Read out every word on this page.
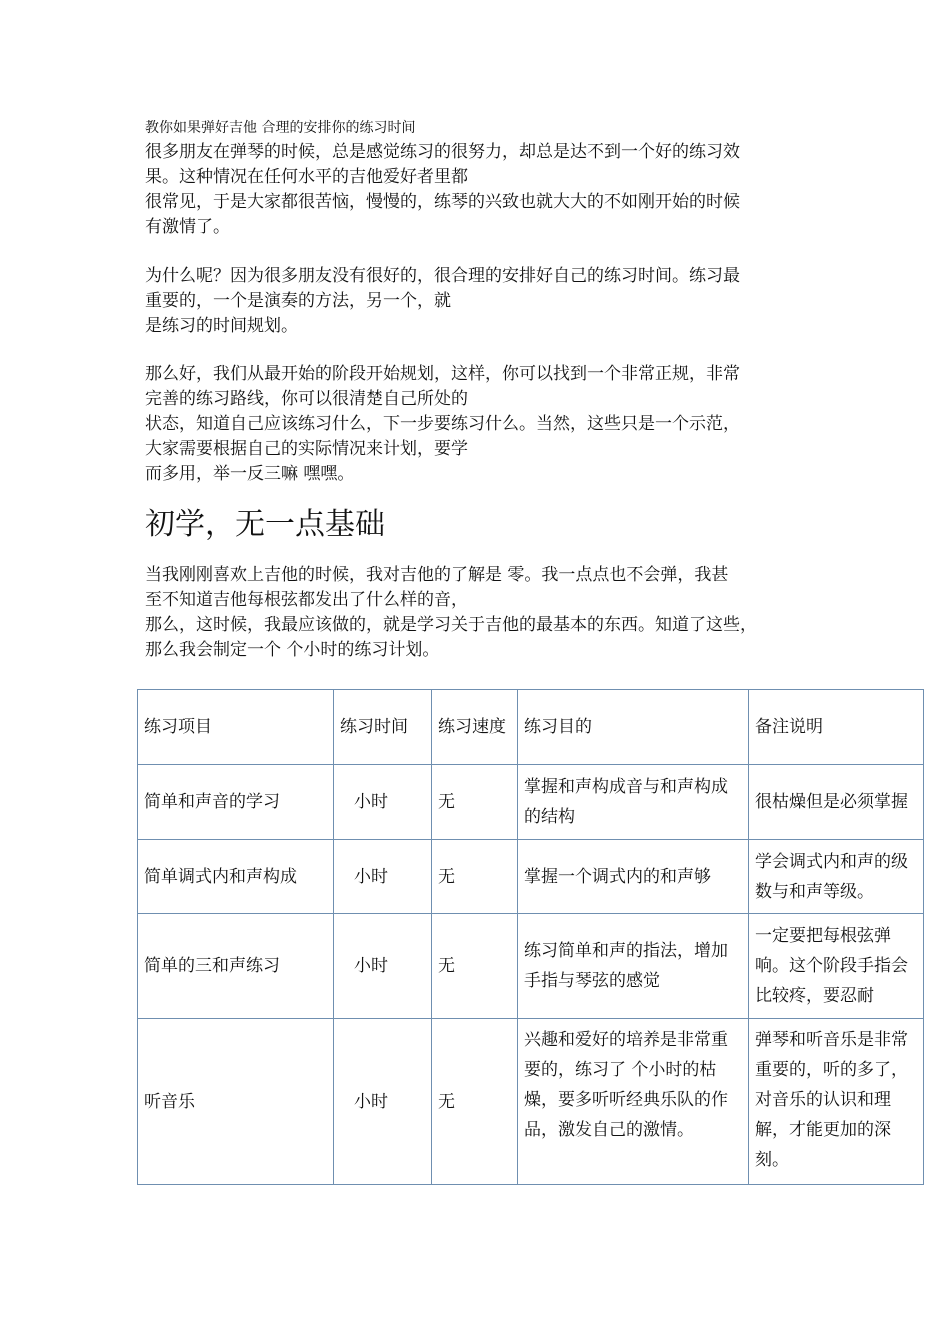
教你如果弹好吉他 合理的安排你的练习时间
很多朋友在弹琴的时候，总是感觉练习的很努力，却总是达不到一个好的练习效
果。这种情况在任何水平的吉他爱好者里都
很常见，于是大家都很苦恼，慢慢的，练琴的兴致也就大大的不如刚开始的时候
有激情了。
为什么呢？因为很多朋友没有很好的，很合理的安排好自己的练习时间。练习最
重要的，一个是演奏的方法，另一个，就
是练习的时间规划。
那么好，我们从最开始的阶段开始规划，这样，你可以找到一个非常正规，非常
完善的练习路线，你可以很清楚自己所处的
状态，知道自己应该练习什么，下一步要练习什么。当然，这些只是一个示范，
大家需要根据自己的实际情况来计划，要学
而多用，举一反三嘛 嘿嘿。
初学，无一点基础
当我刚刚喜欢上吉他的时候，我对吉他的了解是 零。我一点点也不会弹，我甚
至不知道吉他每根弦都发出了什么样的音，
那么，这时候，我最应该做的，就是学习关于吉他的最基本的东西。知道了这些，
那么我会制定一个 个小时的练习计划。
练习项目	练习时间	练习速度	练习目的	备注说明
简单和声音的学习	小时	无	掌握和声构成音与和声构成的结构	很枯燥但是必须掌握
简单调式内和声构成	小时	无	掌握一个调式内的和声够	学会调式内和声的级数与和声等级。
简单的三和声练习	小时	无	练习简单和声的指法，增加手指与琴弦的感觉	一定要把每根弦弹响。这个阶段手指会比较疼，要忍耐
听音乐	小时	无	兴趣和爱好的培养是非常重要的，练习了 个小时的枯燥，要多听听经典乐队的作品，激发自己的激情。	弹琴和听音乐是非常重要的，听的多了，对音乐的认识和理解，才能更加的深刻。
